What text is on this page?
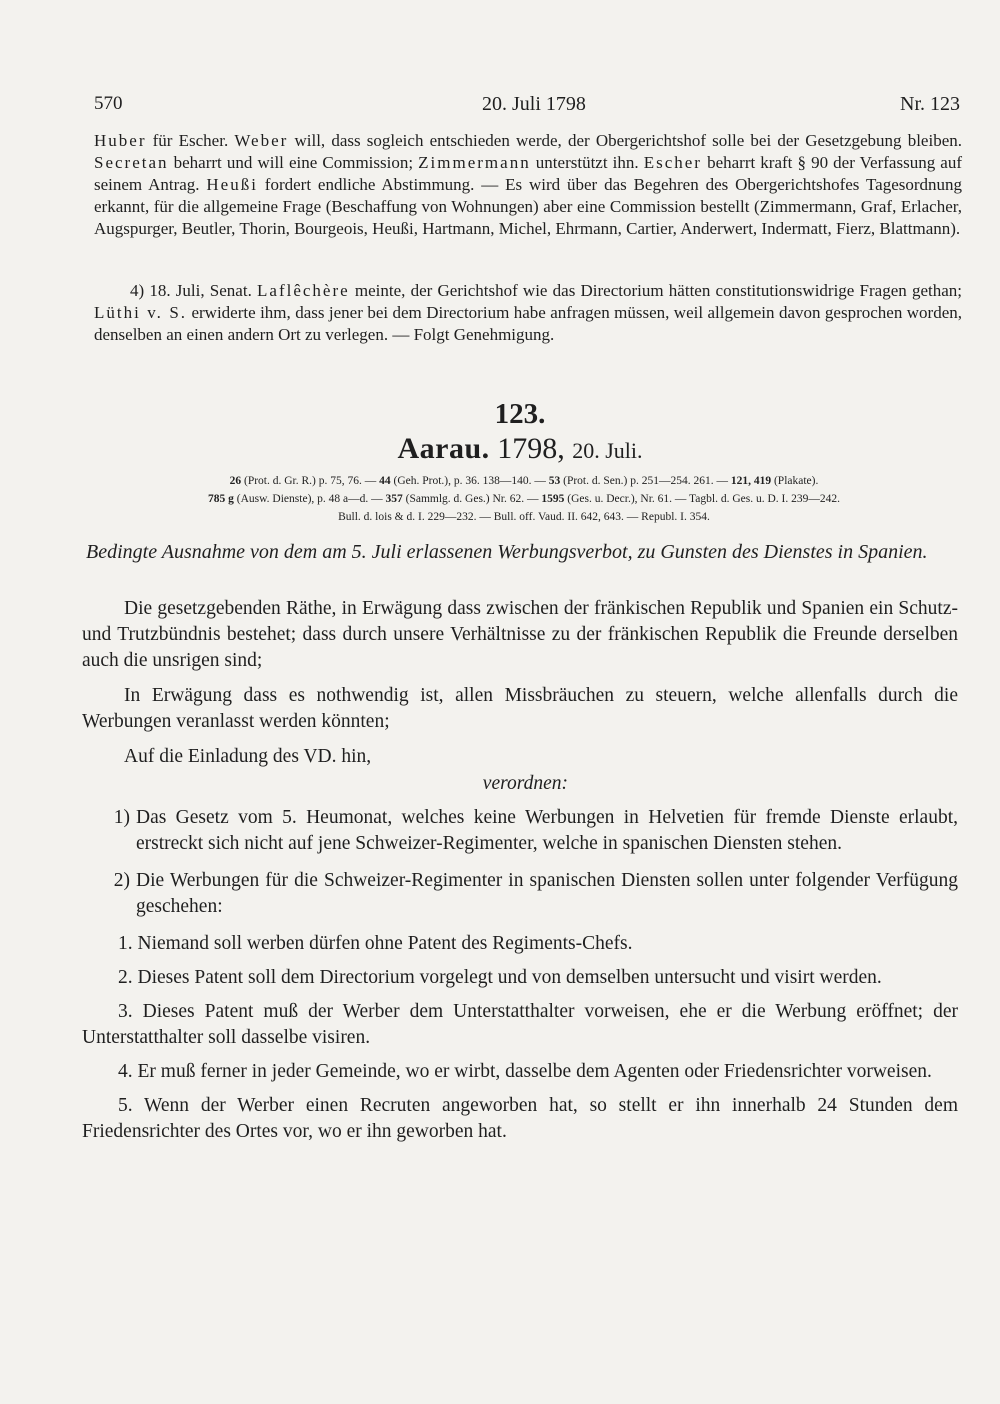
570	20. Juli 1798	Nr. 123

Huber für Escher. Weber will, dass sogleich entschieden werde, der Obergerichtshof solle bei der Gesetzgebung bleiben. Secretan beharrt und will eine Commission; Zimmermann unterstützt ihn. Escher beharrt kraft § 90 der Verfassung auf seinem Antrag. Heußi fordert endliche Abstimmung. — Es wird über das Begehren des Obergerichtshofes Tagesordnung erkannt, für die allgemeine Frage (Beschaffung von Wohnungen) aber eine Commission bestellt (Zimmermann, Graf, Erlacher, Augspurger, Beutler, Thorin, Bourgeois, Heußi, Hartmann, Michel, Ehrmann, Cartier, Anderwert, Indermatt, Fierz, Blattmann).

4) 18. Juli, Senat. Laflêchère meinte, der Gerichtshof wie das Directorium hätten constitutionswidrige Fragen gethan; Lüthi v. S. erwiderte ihm, dass jener bei dem Directorium habe anfragen müssen, weil allgemein davon gesprochen worden, denselben an einen andern Ort zu verlegen. — Folgt Genehmigung.

123.
Aarau. 1798, 20. Juli.
26 (Prot. d. Gr. R.) p. 75, 76. — 44 (Geh. Prot.), p. 36. 138—140. — 53 (Prot. d. Sen.) p. 251—254. 261. — 121, 419 (Plakate).
785 g (Ausw. Dienste), p. 48 a—d. — 357 (Sammlg. d. Ges.) Nr. 62. — 1595 (Ges. u. Decr.), Nr. 61. — Tagbl. d. Ges. u. D. I. 239—242.
Bull. d. lois & d. I. 229—232. — Bull. off. Vaud. II. 642, 643. — Republ. I. 354.
Bedingte Ausnahme von dem am 5. Juli erlassenen Werbungsverbot, zu Gunsten des Dienstes in Spanien.

Die gesetzgebenden Räthe, in Erwägung dass zwischen der fränkischen Republik und Spanien ein Schutz- und Trutzbündnis bestehet; dass durch unsere Verhältnisse zu der fränkischen Republik die Freunde derselben auch die unsrigen sind;

In Erwägung dass es nothwendig ist, allen Missbräuchen zu steuern, welche allenfalls durch die Werbungen veranlasst werden könnten;

Auf die Einladung des VD. hin,

verordnen:

1) Das Gesetz vom 5. Heumonat, welches keine Werbungen in Helvetien für fremde Dienste erlaubt, erstreckt sich nicht auf jene Schweizer-Regimenter, welche in spanischen Diensten stehen.
2) Die Werbungen für die Schweizer-Regimenter in spanischen Diensten sollen unter folgender Verfügung geschehen:

1. Niemand soll werben dürfen ohne Patent des Regiments-Chefs.

2. Dieses Patent soll dem Directorium vorgelegt und von demselben untersucht und visirt werden.

3. Dieses Patent muß der Werber dem Unterstatthalter vorweisen, ehe er die Werbung eröffnet; der Unterstatthalter soll dasselbe visiren.

4. Er muß ferner in jeder Gemeinde, wo er wirbt, dasselbe dem Agenten oder Friedensrichter vorweisen.

5. Wenn der Werber einen Recruten angeworben hat, so stellt er ihn innerhalb 24 Stunden dem Friedensrichter des Ortes vor, wo er ihn geworben hat.
